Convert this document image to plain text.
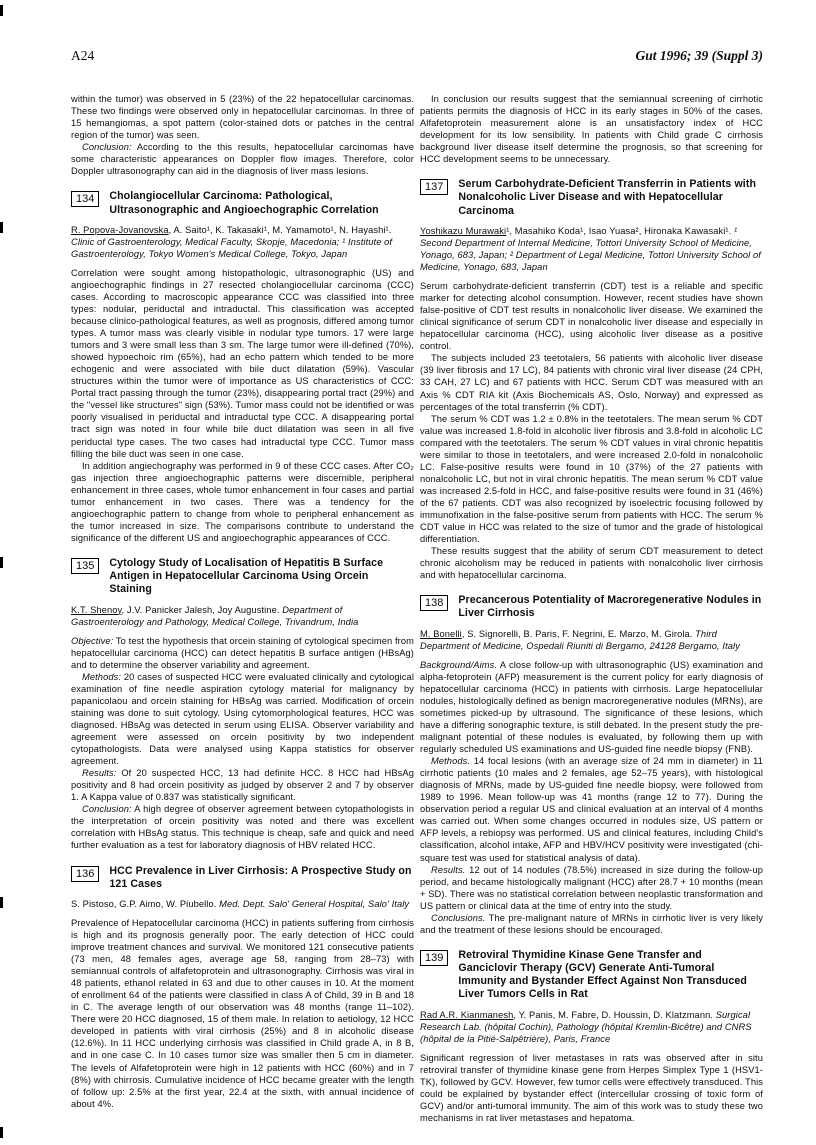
A24	Gut 1996; 39 (Suppl 3)

within the tumor) was observed in 5 (23%) of the 22 hepatocellular carcinomas. These two findings were observed only in hepatocellular carcinomas. In three of 15 hemangiomas, a spot pattern (color-stained dots or patches in the central region of the tumor) was seen.

Conclusion: According to the this results, hepatocellular carcinomas have some characteristic appearances on Doppler flow images. Therefore, color Doppler ultrasonography can aid in the diagnosis of liver mass lesions.

134	Cholangiocellular Carcinoma: Pathological, Ultrasonographic and Angioechographic Correlation

R. Popova-Jovanovska, A. Saito¹, K. Takasaki¹, M. Yamamoto¹, N. Hayashi¹. Clinic of Gastroenterology, Medical Faculty, Skopje, Macedonia; ¹ Institute of Gastroenterology, Tokyo Women's Medical College, Tokyo, Japan

Correlation were sought among histopathologic, ultrasonographic (US) and angioechographic findings in 27 resected cholangiocellular carcinoma (CCC) cases. According to macroscopic appearance CCC was classified into three types: nodular, periductal and intraductal. This classification was accepted because clinico-pathological features, as well as prognosis, differed among tumor types. A tumor mass was clearly visible in nodular type tumors. 17 were large tumors and 3 were small less than 3 sm. The large tumor were ill-defined (70%), showed hypoechoic rim (65%), had an echo pattern which tended to be more echogenic and were associated with bile duct dilatation (59%). Vascular structures within the tumor were of importance as US characteristics of CCC: Portal tract passing through the tumor (23%), disappearing portal tract (29%) and the "vessel like structures" sign (53%). Tumor mass could not be identified or was poorly visualised in periductal and intraductal type CCC. A disappearing portal tract sign was noted in four while bile duct dilatation was seen in all five periductal type cases. The two cases had intraductal type CCC. Tumor mass filling the bile duct was seen in one case.

In addition angiechography was performed in 9 of these CCC cases. After CO₂ gas injection three angioechographic patterns were discernible, peripheral enhancement in three cases, whole tumor enhancement in four cases and partial tumor enhancement in two cases. There was a tendency for the angioechographic pattern to change from whole to peripheral enhancement as the tumor increased in size. The comparisons contribute to understand the significance of the different US and angioechographic appearances of CCC.

135	Cytology Study of Localisation of Hepatitis B Surface Antigen in Hepatocellular Carcinoma Using Orcein Staining

K.T. Shenoy, J.V. Panicker Jalesh, Joy Augustine. Department of Gastroenterology and Pathology, Medical College, Trivandrum, India

Objective: To test the hypothesis that orcein staining of cytological specimen from hepatocellular carcinoma (HCC) can detect hepatitis B surface antigen (HBsAg) and to determine the observer variability and agreement.

Methods: 20 cases of suspected HCC were evaluated clinically and cytological examination of fine needle aspiration cytology material for malignancy by papanicolaou and orcein staining for HBsAg was carried. Modification of orcein staining was done to suit cytology. Using cytomorphological features, HCC was diagnosed. HBsAg was detected in serum using ELISA. Observer variability and agreement were assessed on orcein positivity by two independent cytopathologists. Data were analysed using Kappa statistics for observer agreement.

Results: Of 20 suspected HCC, 13 had definite HCC. 8 HCC had HBsAg positivity and 8 had orcein positivity as judged by observer 2 and 7 by observer 1. A Kappa value of 0.837 was statistically significant.

Conclusion: A high degree of observer agreement between cytopathologists in the interpretation of orcein positivity was noted and there was excellent correlation with HBsAg status. This technique is cheap, safe and quick and need further evaluation as a test for laboratory diagnosis of HBV related HCC.

136	HCC Prevalence in Liver Cirrhosis: A Prospective Study on 121 Cases

S. Pistoso, G.P. Aimo, W. Piubello. Med. Dept. Salo' General Hospital, Salo' Italy

Prevalence of Hepatocellular carcinoma (HCC) in patients suffering from cirrhosis is high and its prognosis generally poor. The early detection of HCC could improve treatment chances and survival. We monitored 121 consecutive patients (73 men, 48 females ages, average age 58, ranging from 28–73) with semiannual controls of alfafetoprotein and ultrasonography. Cirrhosis was viral in 48 patients, ethanol related in 63 and due to other causes in 10. At the moment of enrollment 64 of the patients were classified in class A of Child, 39 in B and 18 in C. The average length of our observation was 48 months (range 11–102). There were 20 HCC diagnosed, 15 of them male. In relation to aetiology, 12 HCC developed in patients with viral cirrhosis (25%) and 8 in alcoholic disease (12.6%). In 11 HCC underlying cirrhosis was classified in Child grade A, in 8 B, and in one case C. In 10 cases tumor size was smaller then 5 cm in diameter. The levels of Alfafetoprotein were high in 12 patients with HCC (60%) and in 7 (8%) with chirrosis. Cumulative incidence of HCC became greater with the length of follow up: 2.5% at the first year, 22.4 at the sixth, with annual incidence of about 4%.

In conclusion our results suggest that the semiannual screening of cirrhotic patients permits the diagnosis of HCC in its early stages in 50% of the cases. Alfafetoprotein measurement alone is an unsatisfactory index of HCC development for its low sensibility. In patients with Child grade C cirrhosis background liver disease itself determine the prognosis, so that screening for HCC development seems to be unnecessary.

137	Serum Carbohydrate-Deficient Transferrin in Patients with Nonalcoholic Liver Disease and with Hepatocellular Carcinoma

Yoshikazu Murawaki¹, Masahiko Koda¹, Isao Yuasa², Hironaka Kawasaki¹. ¹ Second Department of Internal Medicine, Tottori University School of Medicine, Yonago, 683, Japan; ² Department of Legal Medicine, Tottori University School of Medicine, Yonago, 683, Japan

Serum carbohydrate-deficient transferrin (CDT) test is a reliable and specific marker for detecting alcohol consumption. However, recent studies have shown false-positive of CDT test results in nonalcoholic liver disease. We examined the clinical significance of serum CDT in nonalcoholic liver disease and especially in hepatocellular carcinoma (HCC), using alcoholic liver disease as a positive control.

The subjects included 23 teetotalers, 56 patients with alcoholic liver disease (39 liver fibrosis and 17 LC), 84 patients with chronic viral liver disease (24 CPH, 33 CAH, 27 LC) and 67 patients with HCC. Serum CDT was measured with an Axis % CDT RIA kit (Axis Biochemicals AS, Oslo, Norway) and expressed as percentages of the total transferrin (% CDT).

The serum % CDT was 1.2 ± 0.8% in the teetotalers. The mean serum % CDT value was increased 1.8-fold in alcoholic liver fibrosis and 3.8-fold in alcoholic LC compared with the teetotalers. The serum % CDT values in viral chronic hepatitis were similar to those in teetotalers, and were increased 2.0-fold in nonalcoholic LC. False-positive results were found in 10 (37%) of the 27 patients with nonalcoholic LC, but not in viral chronic hepatitis. The mean serum % CDT value was increased 2.5-fold in HCC, and false-positive results were found in 31 (46%) of the 67 patients. CDT was also recognized by isoelectric focusing followed by immunofixation in the false-positive serum from patients with HCC. The serum % CDT value in HCC was related to the size of tumor and the grade of histological differentiation.

These results suggest that the ability of serum CDT measurement to detect chronic alcoholism may be reduced in patients with nonalcoholic liver cirrhosis and with hepatocellular carcinoma.

138	Precancerous Potentiality of Macroregenerative Nodules in Liver Cirrhosis

M. Bonelli, S. Signorelli, B. Paris, F. Negrini, E. Marzo, M. Girola. Third Department of Medicine, Ospedali Riuniti di Bergamo, 24128 Bergamo, Italy

Background/Aims. A close follow-up with ultrasonographic (US) examination and alpha-fetoprotein (AFP) measurement is the current policy for early diagnosis of hepatocellular carcinoma (HCC) in patients with cirrhosis. Large hepatocellular nodules, histologically defined as benign macroregenerative nodules (MRNs), are sometimes picked-up by ultrasound. The significance of these lesions, which have a differing sonographic texture, is still debated. In the present study the pre-malignant potential of these nodules is evaluated, by following them up with regularly scheduled US examinations and US-guided fine needle biopsy (FNB).

Methods. 14 focal lesions (with an average size of 24 mm in diameter) in 11 cirrhotic patients (10 males and 2 females, age 52–75 years), with histological diagnosis of MRNs, made by US-guided fine needle biopsy, were followed from 1989 to 1996. Mean follow-up was 41 months (range 12 to 77). During the observation period a regular US and clinical evaluation at an interval of 4 months was carried out. When some changes occurred in nodules size, US pattern or AFP levels, a rebiopsy was performed. US and clinical features, including Child's classification, alcohol intake, AFP and HBV/HCV positivity were investigated (chi-square test was used for statistical analysis of data).

Results. 12 out of 14 nodules (78.5%) increased in size during the follow-up period, and became histologically malignant (HCC) after 28.7 + 10 months (mean + SD). There was no statistical correlation between neoplastic transformation and US pattern or clinical data at the time of entry into the study.

Conclusions. The pre-malignant nature of MRNs in cirrhotic liver is very likely and the treatment of these lesions should be encouraged.

139	Retroviral Thymidine Kinase Gene Transfer and Ganciclovir Therapy (GCV) Generate Anti-Tumoral Immunity and Bystander Effect Against Non Transduced Liver Tumors Cells in Rat

Rad A.R. Kianmanesh, Y. Panis, M. Fabre, D. Houssin, D. Klatzmann. Surgical Research Lab. (hôpital Cochin), Pathology (hôpital Kremlin-Bicêtre) and CNRS (hôpital de la Pitié-Salpêtrière), Paris, France

Significant regression of liver metastases in rats was observed after in situ retroviral transfer of thymidine kinase gene from Herpes Simplex Type 1 (HSV1-TK), followed by GCV. However, few tumor cells were effectively transduced. This could be explained by bystander effect (intercellular crossing of toxic form of GCV) and/or anti-tumoral immunity. The aim of this work was to study these two mechanisms in rat liver metastases and hepatoma.
